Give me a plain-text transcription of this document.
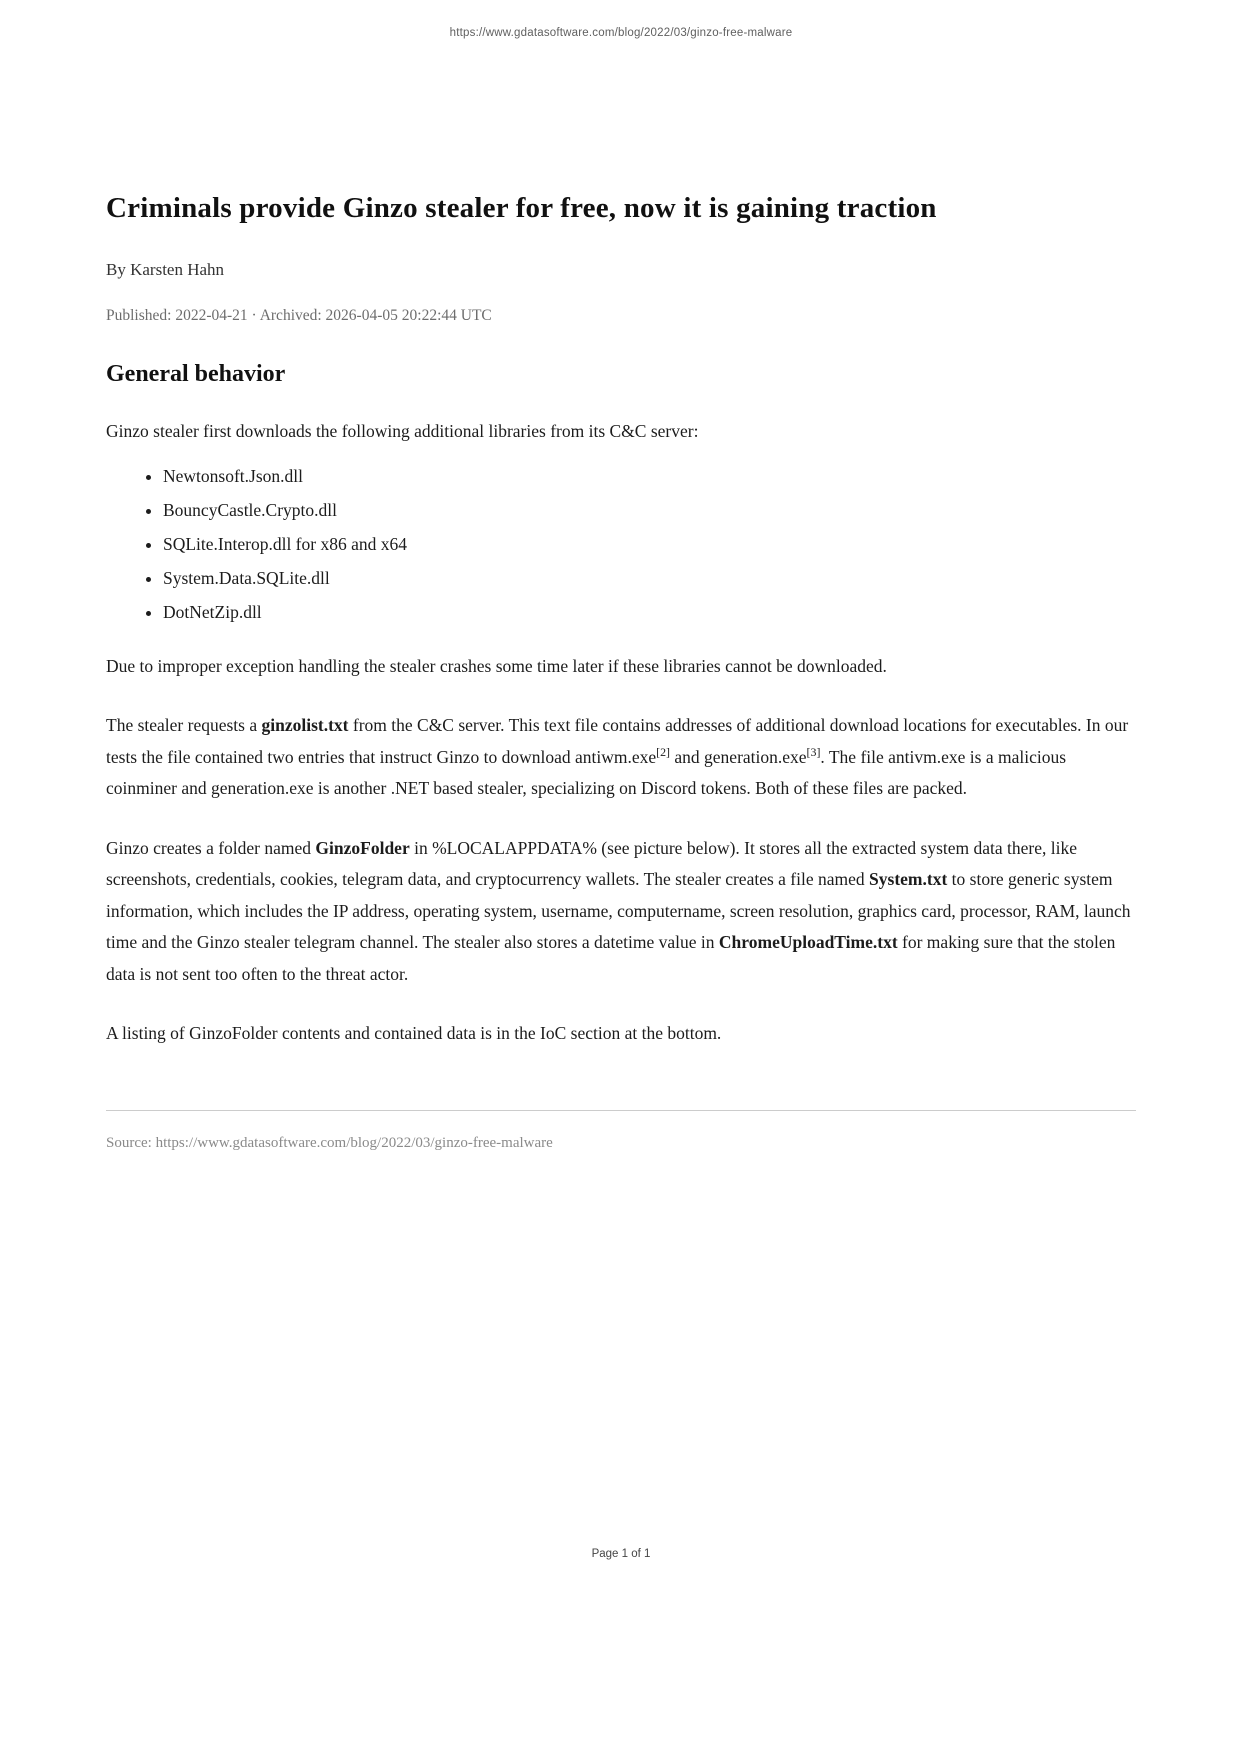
https://www.gdatasoftware.com/blog/2022/03/ginzo-free-malware
Criminals provide Ginzo stealer for free, now it is gaining traction
By Karsten Hahn
Published: 2022-04-21 · Archived: 2026-04-05 20:22:44 UTC
General behavior

Ginzo stealer first downloads the following additional libraries from its C&C server:

• Newtonsoft.Json.dll
• BouncyCastle.Crypto.dll
• SQLite.Interop.dll for x86 and x64
• System.Data.SQLite.dll
• DotNetZip.dll

Due to improper exception handling the stealer crashes some time later if these libraries cannot be downloaded.

The stealer requests a ginzolist.txt from the C&C server. This text file contains addresses of additional download locations for executables. In our tests the file contained two entries that instruct Ginzo to download antiwm.exe[2] and generation.exe[3]. The file antivm.exe is a malicious coinminer and generation.exe is another .NET based stealer, specializing on Discord tokens. Both of these files are packed.

Ginzo creates a folder named GinzoFolder in %LOCALAPPDATA% (see picture below). It stores all the extracted system data there, like screenshots, credentials, cookies, telegram data, and cryptocurrency wallets. The stealer creates a file named System.txt to store generic system information, which includes the IP address, operating system, username, computername, screen resolution, graphics card, processor, RAM, launch time and the Ginzo stealer telegram channel. The stealer also stores a datetime value in ChromeUploadTime.txt for making sure that the stolen data is not sent too often to the threat actor.

A listing of GinzoFolder contents and contained data is in the IoC section at the bottom.

Source: https://www.gdatasoftware.com/blog/2022/03/ginzo-free-malware
Page 1 of 1
